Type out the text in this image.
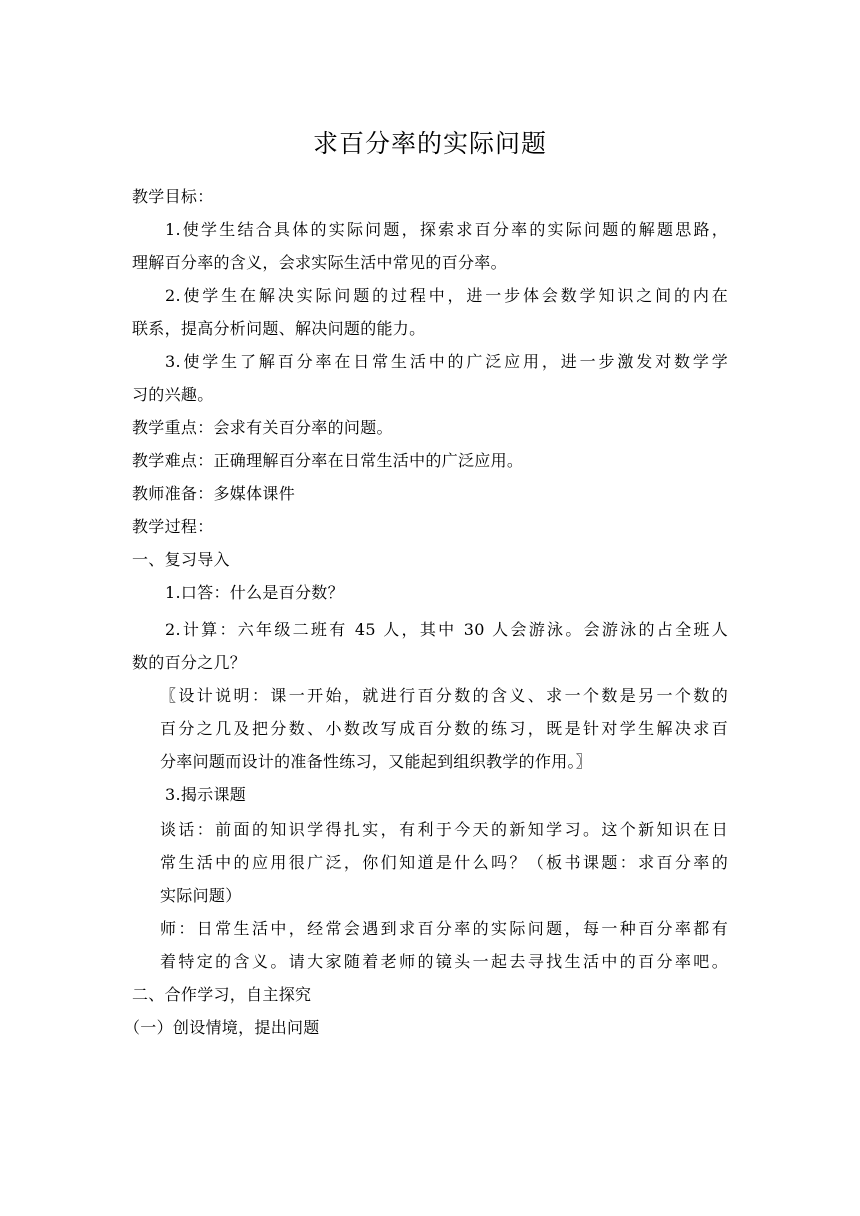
求百分率的实际问题
教学目标：
1.使学生结合具体的实际问题，探索求百分率的实际问题的解题思路，
理解百分率的含义，会求实际生活中常见的百分率。
2.使学生在解决实际问题的过程中，进一步体会数学知识之间的内在
联系，提高分析问题、解决问题的能力。
3.使学生了解百分率在日常生活中的广泛应用，进一步激发对数学学
习的兴趣。
教学重点：会求有关百分率的问题。
教学难点：正确理解百分率在日常生活中的广泛应用。
教师准备：多媒体课件
教学过程：
一、复习导入
1.口答：什么是百分数？
2.计算：六年级二班有 45 人，其中 30 人会游泳。会游泳的占全班人
数的百分之几？
〖设计说明：课一开始，就进行百分数的含义、求一个数是另一个数的
百分之几及把分数、小数改写成百分数的练习，既是针对学生解决求百
分率问题而设计的准备性练习，又能起到组织教学的作用。〗
3.揭示课题
谈话：前面的知识学得扎实，有利于今天的新知学习。这个新知识在日
常生活中的应用很广泛，你们知道是什么吗？（板书课题：求百分率的
实际问题）
师：日常生活中，经常会遇到求百分率的实际问题，每一种百分率都有
着特定的含义。请大家随着老师的镜头一起去寻找生活中的百分率吧。
二、合作学习，自主探究
（一）创设情境，提出问题
